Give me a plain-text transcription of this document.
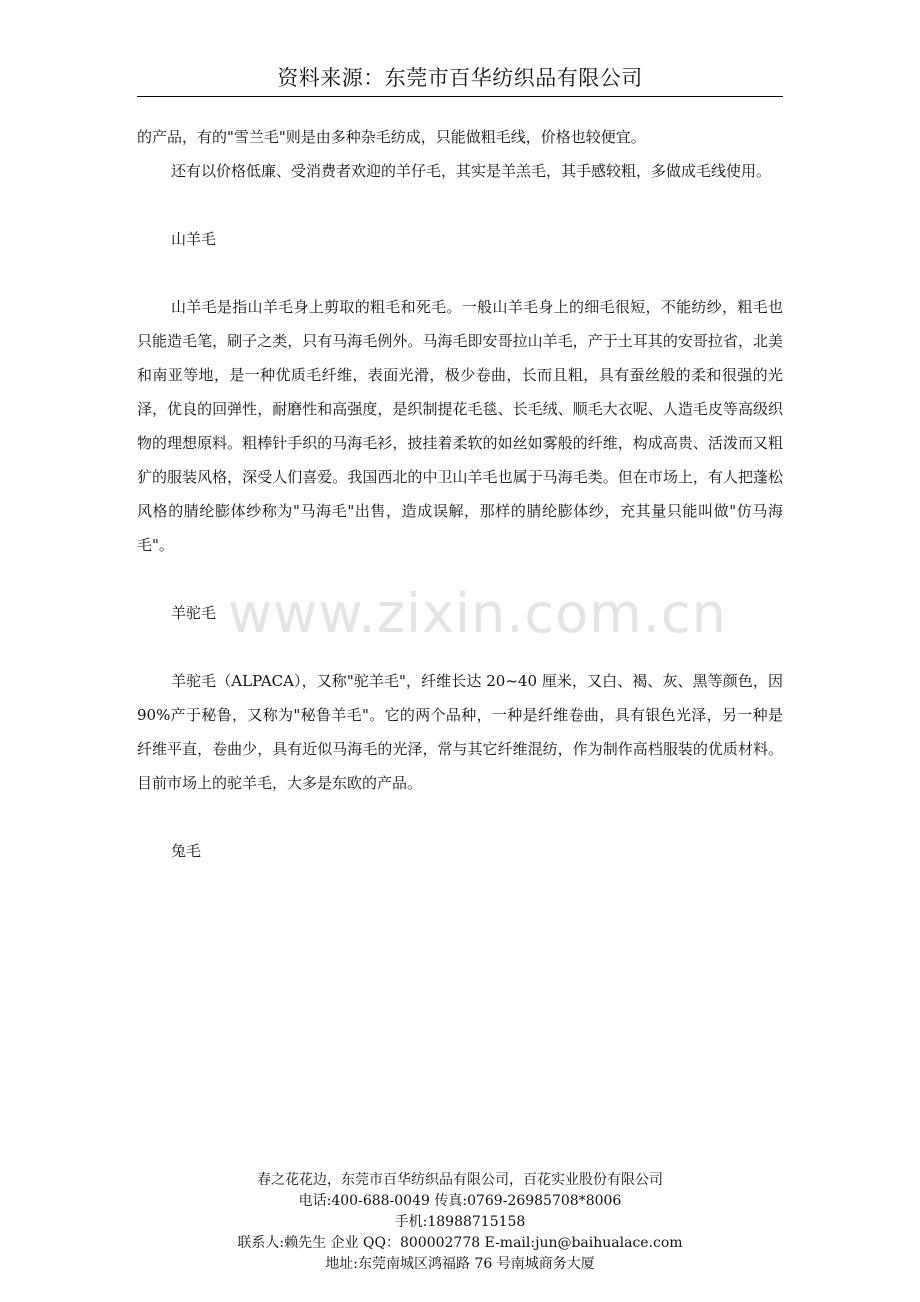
资料来源：东莞市百华纺织品有限公司
www.zixin.com.cn

的产品，有的"雪兰毛"则是由多种杂毛纺成，只能做粗毛线，价格也较便宜。

还有以价格低廉、受消费者欢迎的羊仔毛，其实是羊羔毛，其手感较粗，多做成毛线使用。

山羊毛

山羊毛是指山羊毛身上剪取的粗毛和死毛。一般山羊毛身上的细毛很短，不能纺纱，粗毛也只能造毛笔，刷子之类，只有马海毛例外。马海毛即安哥拉山羊毛，产于土耳其的安哥拉省，北美和南亚等地，是一种优质毛纤维，表面光滑，极少卷曲，长而且粗，具有蚕丝般的柔和很强的光泽，优良的回弹性，耐磨性和高强度，是织制提花毛毯、长毛绒、顺毛大衣呢、人造毛皮等高级织物的理想原料。粗棒针手织的马海毛衫，披挂着柔软的如丝如雾般的纤维，构成高贵、活泼而又粗犷的服装风格，深受人们喜爱。我国西北的中卫山羊毛也属于马海毛类。但在市场上，有人把蓬松风格的腈纶膨体纱称为"马海毛"出售，造成误解，那样的腈纶膨体纱，充其量只能叫做"仿马海毛"。

羊驼毛

羊驼毛（ALPACA），又称"驼羊毛"，纤维长达 20~40 厘米，又白、褐、灰、黑等颜色，因 90%产于秘鲁，又称为"秘鲁羊毛"。它的两个品种，一种是纤维卷曲，具有银色光泽，另一种是纤维平直，卷曲少，具有近似马海毛的光泽，常与其它纤维混纺，作为制作高档服装的优质材料。目前市场上的驼羊毛，大多是东欧的产品。

兔毛

春之花花边，东莞市百华纺织品有限公司，百花实业股份有限公司
电话:400-688-0049 传真:0769-26985708*8006
手机:18988715158
联系人:赖先生 企业 QQ：800002778 E-mail:jun@baihualace.com
地址:东莞南城区鸿福路 76 号南城商务大厦
